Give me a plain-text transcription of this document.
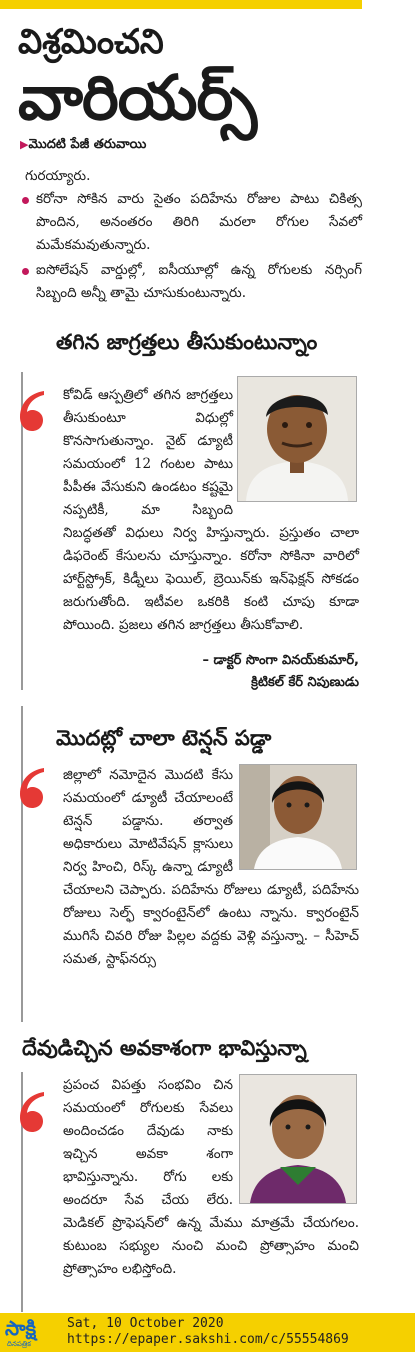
విశ్రమించని
వారియర్స్
▶మొదటి పేజీ తరువాయి
గురయ్యారు.
కరోనా సోకిన వారు సైతం పదిహేను రోజుల పాటు చికిత్స పొందిన, అనంతరం తిరిగి మరలా రోగుల సేవలో మమేకమవుతున్నారు.
ఐసోలేషన్ వార్డుల్లో, ఐసీయూల్లో ఉన్న రోగులకు నర్సింగ్ సిబ్బంది అన్నీ తామై చూసుకుంటున్నారు.
తగిన జాగ్రత్తలు తీసుకుంటున్నాం
కోవిడ్ ఆస్పత్రిలో తగిన జాగ్రత్తలు తీసుకుంటూ విధుల్లో కొనసాగుతున్నాం. నైట్ డ్యూటీ సమయంలో 12 గంటల పాటు పీపీఈ వేసుకుని ఉండటం కష్టమై నప్పటికీ, మా సిబ్బంది నిబద్ధతతో విధులు నిర్వ హిస్తున్నారు. ప్రస్తుతం చాలా డిఫరెంట్ కేసులను చూస్తున్నాం. కరోనా సోకినా వారిలో హార్ట్‌స్ట్రోక్, కిడ్నీలు ఫెయిల్, బ్రెయిన్‌కు ఇన్‌ఫెక్షన్ సోకడం జరుగుతోంది. ఇటీవల ఒకరికి కంటి చూపు కూడా పోయింది. ప్రజలు తగిన జాగ్రత్తలు తీసుకోవాలి.
– డాక్టర్ సొంగా వినయ్‌కుమార్,
క్రిటికల్ కేర్ నిపుణుడు
మొదట్లో చాలా టెన్షన్ పడ్డా
జిల్లాలో నమోదైన మొదటి కేసు సమయంలో డ్యూటీ చేయాలంటే టెన్షన్ పడ్డాను. తర్వాత అధికారులు మోటివేషన్ క్లాసులు నిర్వ హించి, రిస్క్ ఉన్నా డ్యూటీ చేయాలని చెప్పారు. పదిహేను రోజులు డ్యూటీ, పదిహేను రోజులు సెల్ఫ్ క్వారంటైన్‌లో ఉంటు న్నాను. క్వారంటైన్ ముగిసే చివరి రోజు పిల్లల వద్దకు వెళ్లి వస్తున్నా. – సీహెచ్ సమత, స్టాఫ్‌నర్సు
దేవుడిచ్చిన అవకాశంగా భావిస్తున్నా
ప్రపంచ విపత్తు సంభవిం చిన సమయంలో రోగులకు సేవలు అందించడం దేవుడు నాకు ఇచ్చిన అవకా శంగా భావిస్తున్నాను. రోగు లకు అందరూ సేవ చేయ లేరు. మెడికల్ ప్రొఫెషన్‌లో ఉన్న మేము మాత్రమే చేయగలం. కుటుంబ సభ్యుల నుంచి మంచి ప్రోత్సాహం మంచి ప్రోత్సాహం లభిస్తోంది.
సాక్షి
దినపత్రిక
Sat, 10 October 2020
https://epaper.sakshi.com/c/55554869
